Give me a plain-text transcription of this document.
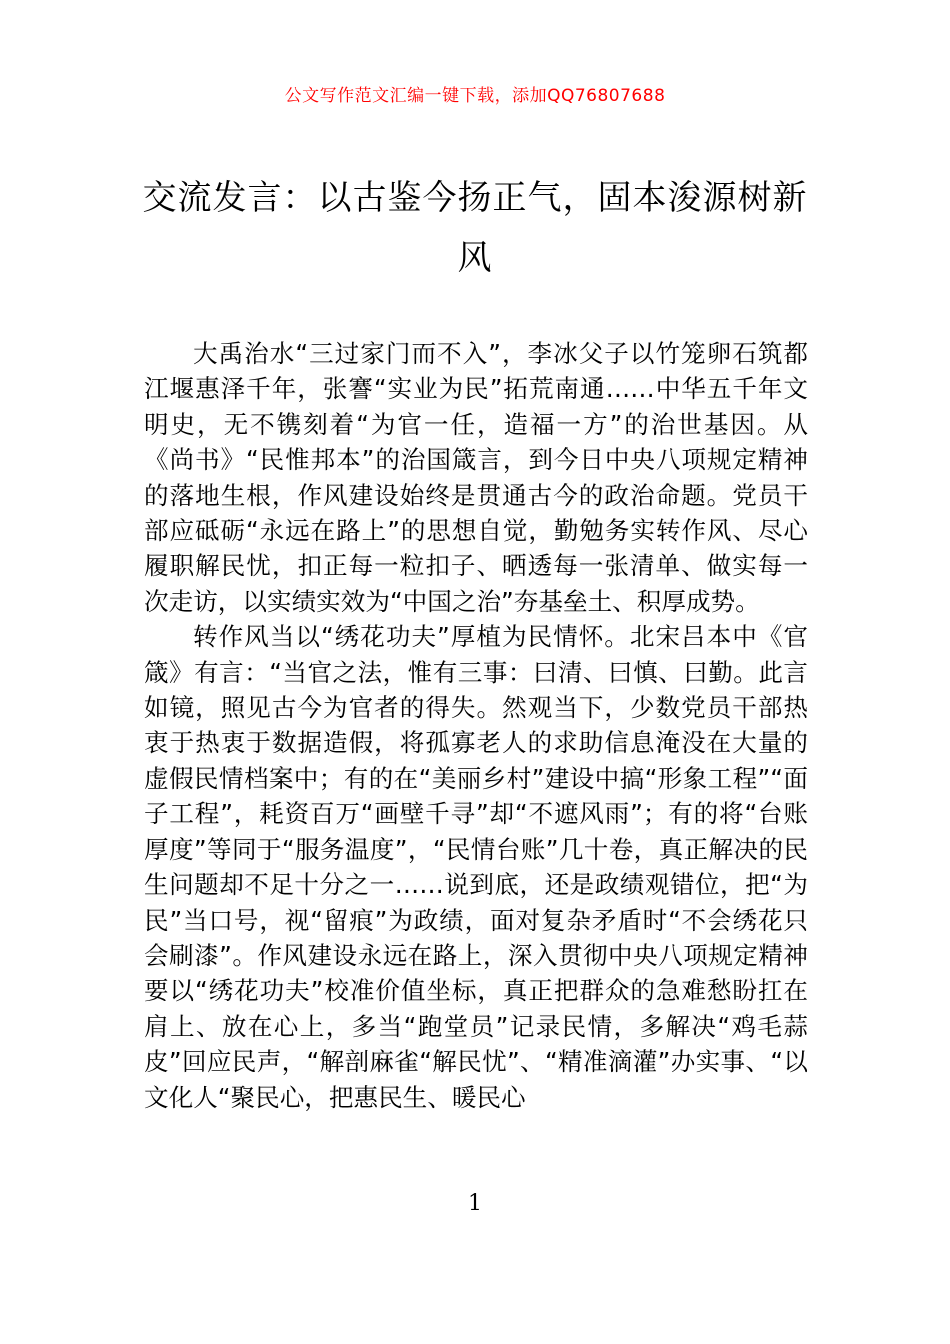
公文写作范文汇编一键下载，添加QQ76807688
交流发言：以古鉴今扬正气，固本浚源树新风

大禹治水“三过家门而不入”，李冰父子以竹笼卵石筑都江堰惠泽千年，张謇“实业为民”拓荒南通……中华五千年文明史，无不镌刻着“为官一任，造福一方”的治世基因。从《尚书》“民惟邦本”的治国箴言，到今日中央八项规定精神的落地生根，作风建设始终是贯通古今的政治命题。党员干部应砥砺“永远在路上”的思想自觉，勤勉务实转作风、尽心履职解民忧，扣正每一粒扣子、晒透每一张清单、做实每一次走访，以实绩实效为“中国之治”夯基垒土、积厚成势。

转作风当以“绣花功夫”厚植为民情怀。北宋吕本中《官箴》有言：“当官之法，惟有三事：曰清、曰慎、曰勤。此言如镜，照见古今为官者的得失。然观当下，少数党员干部热衷于热衷于数据造假，将孤寡老人的求助信息淹没在大量的虚假民情档案中；有的在“美丽乡村”建设中搞“形象工程”“面子工程”，耗资百万“画壁千寻”却“不遮风雨”；有的将“台账厚度”等同于“服务温度”，“民情台账”几十卷，真正解决的民生问题却不足十分之一……说到底，还是政绩观错位，把“为民”当口号，视“留痕”为政绩，面对复杂矛盾时“不会绣花只会刷漆”。作风建设永远在路上，深入贯彻中央八项规定精神要以“绣花功夫”校准价值坐标，真正把群众的急难愁盼扛在肩上、放在心上，多当“跑堂员”记录民情，多解决“鸡毛蒜皮”回应民声，“解剖麻雀“解民忧”、“精准滴灌”办实事、“以文化人“聚民心，把惠民生、暖民心

1
